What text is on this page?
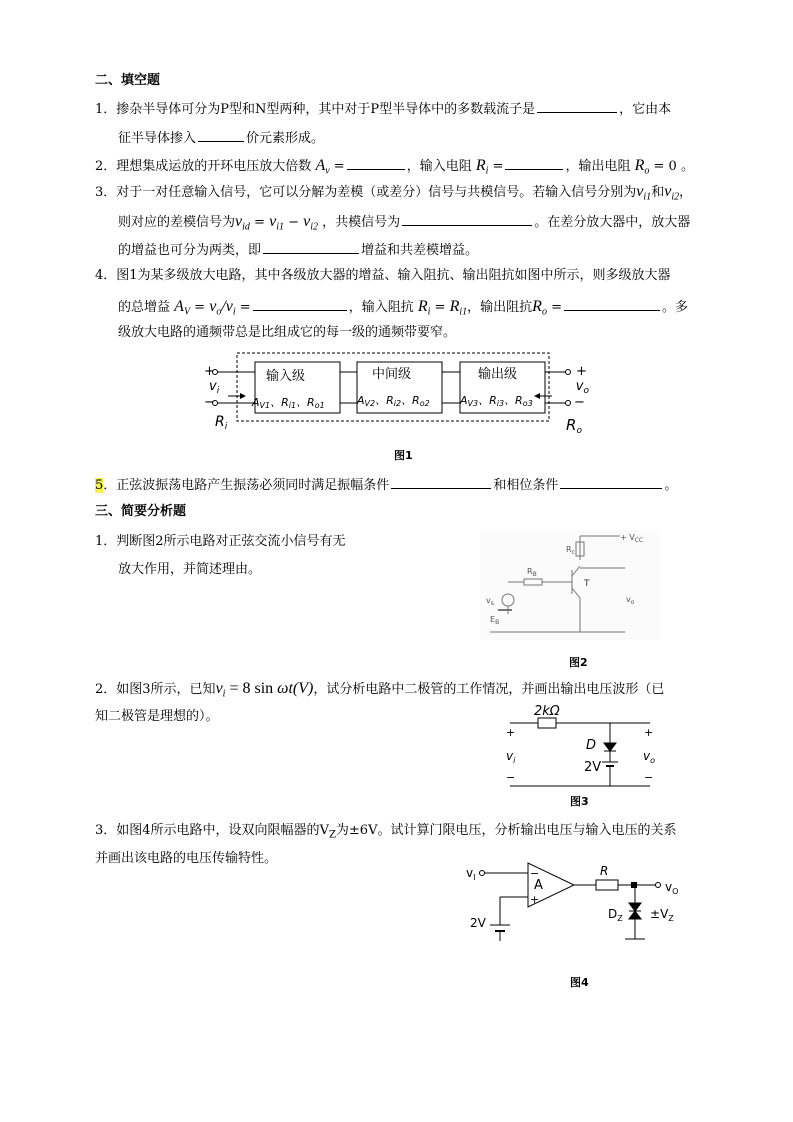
二、填空题
1．掺杂半导体可分为P型和N型两种，其中对于P型半导体中的多数载流子是	，它由本
征半导体掺入	价元素形成。
2．理想集成运放的开环电压放大倍数 $A_v$ =	，输入电阻 $R_i$ =	，输出电阻 $R_o = 0$ 。
3．对于一对任意输入信号，它可以分解为差模（或差分）信号与共模信号。若输入信号分别为$v_{i1}$和$v_{i2}$，
则对应的差模信号为$v_{id} = v_{i1} - v_{i2}$ ，共模信号为	。在差分放大器中，放大器
的增益也可分为两类，即	增益和共差模增益。
4．图1为某多级放大电路，其中各级放大器的增益、输入阻抗、输出阻抗如图中所示，则多级放大器
的总增益 $A_V = v_o/v_i$ =	，输入阻抗 $R_i = R_{i1}$，输出阻抗$R_o$ =	。多
级放大电路的通频带总是比组成它的每一级的通频带要窄。
输入级	中间级	输出级
AV1、Ri1、Ro1	AV2、Ri2、Ro2	AV3、Ri3、Ro3
+
−
+
−
$v_i$	$v_o$
$R_i$	$R_o$
图1
5．正弦波振荡电路产生振荡必须同时满足振幅条件	和相位条件	。
三、简要分析题
1．判断图2所示电路对正弦交流小信号有无
放大作用，并简述理由。
$R_c$
+ $V_{CC}$
$R_B$
T
$v_s$
$E_B$
$v_o$
图2
2．如图3所示，已知$v_i = 8$ sin ωt(V)，试分析电路中二极管的工作情况，并画出输出电压波形（已
知二极管是理想的）。	2kΩ
D
2V
+
−
+
−
$v_i$	$v_o$
图3
3．如图4所示电路中，设双向限幅器的$V_Z$为±6V。试计算门限电压，分析输出电压与输入电压的关系
并画出该电路的电压传输特性。
A
−
+
R
$v_I$
$v_O$
2V
$D_Z \pm V_Z$
图4
